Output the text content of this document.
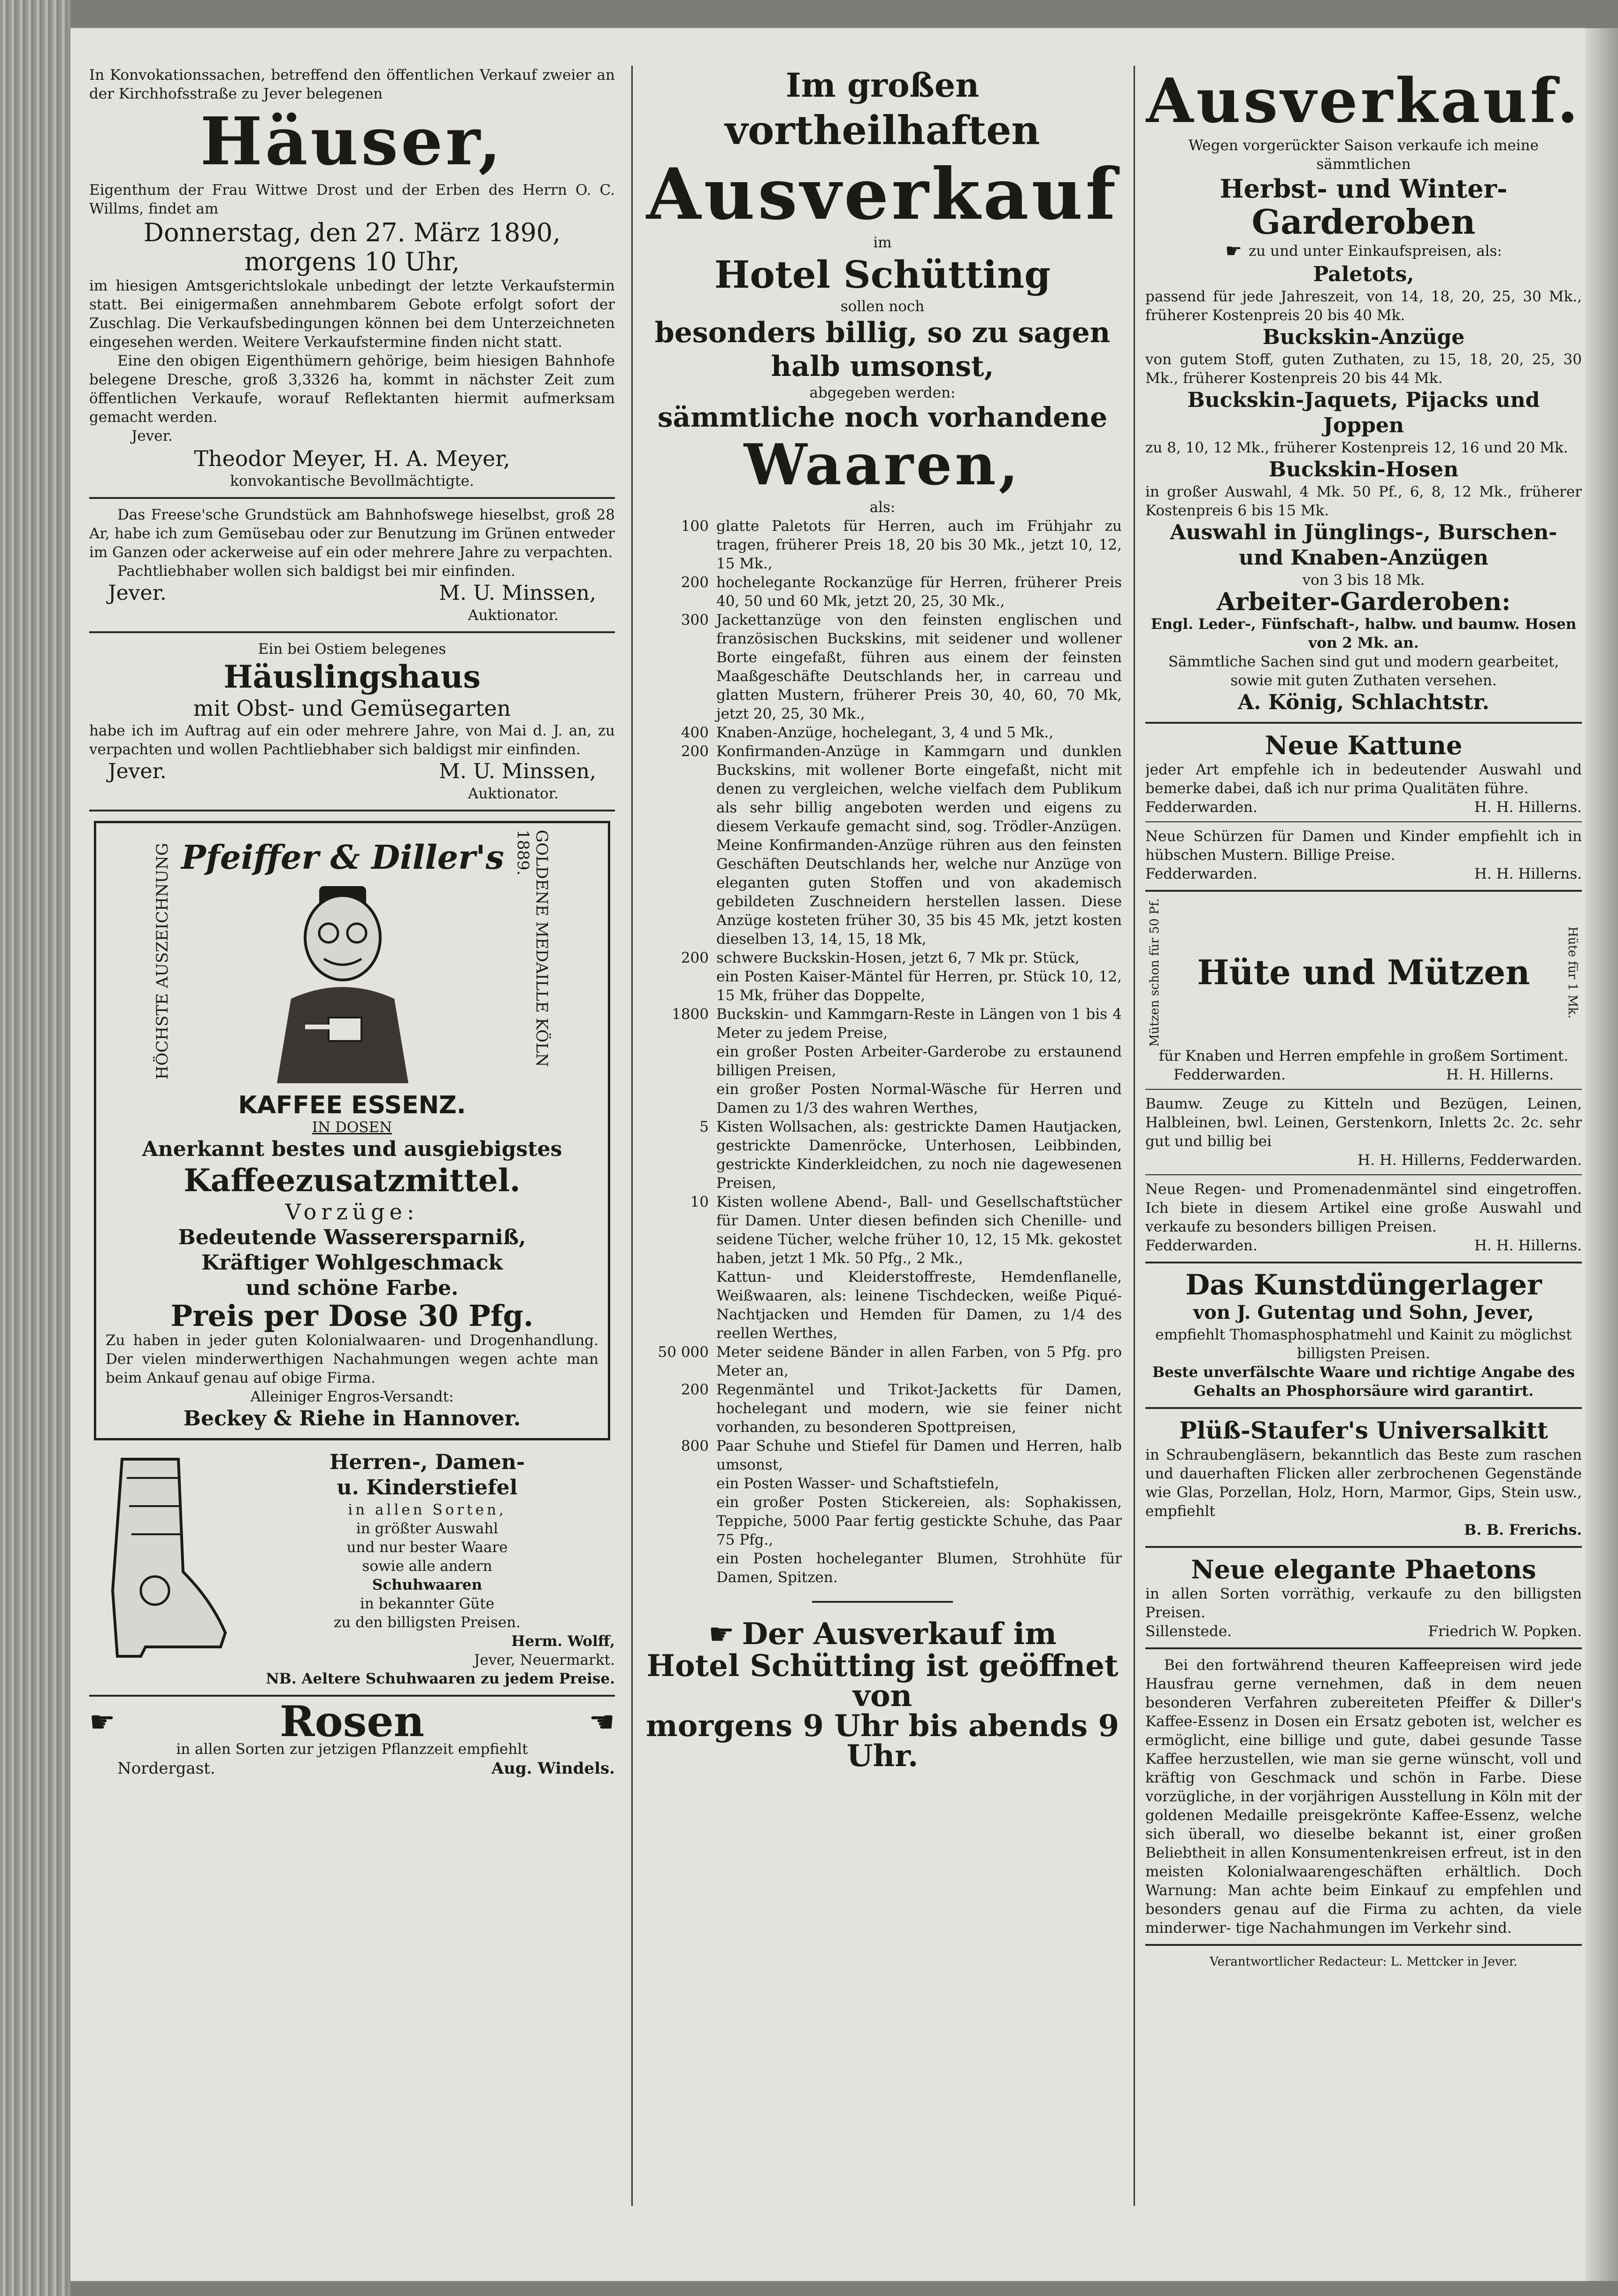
In Konvokationssachen, betreffend den öffentlichen Verkauf zweier an der Kirchhofsstraße zu Jever belegenen

Häuser,

Eigenthum der Frau Wittwe Drost und der Erben des Herrn O. C. Willms, findet am

Donnerstag, den 27. März 1890,

morgens 10 Uhr,

im hiesigen Amtsgerichtslokale unbedingt der letzte Verkaufstermin statt. Bei einigermaßen annehmbarem Gebote erfolgt sofort der Zuschlag. Die Verkaufsbedingungen können bei dem Unterzeichneten eingesehen werden. Weitere Verkaufstermine finden nicht statt.

Eine den obigen Eigenthümern gehörige, beim hiesigen Bahnhofe belegene Dresche, groß 3,3326 ha, kommt in nächster Zeit zum öffentlichen Verkaufe, worauf Reflektanten hiermit aufmerksam gemacht werden.

Jever.

Theodor Meyer, H. A. Meyer,

konvokantische Bevollmächtigte.

Das Freese'sche Grundstück am Bahnhofswege hieselbst, groß 28 Ar, habe ich zum Gemüsebau oder zur Benutzung im Grünen entweder im Ganzen oder ackerweise auf ein oder mehrere Jahre zu verpachten.

Pachtliebhaber wollen sich baldigst bei mir einfinden.

Jever.	M. U. Minssen,

Auktionator.

Ein bei Ostiem belegenes

Häuslingshaus

mit Obst- und Gemüsegarten

habe ich im Auftrag auf ein oder mehrere Jahre, von Mai d. J. an, zu verpachten und wollen Pachtliebhaber sich baldigst mir einfinden.

Jever.	M. U. Minssen,

Auktionator.

HÖCHSTE AUSZEICHNUNG Pfeiffer & Diller's	GOLDENE MEDAILLE KÖLN 1889.

KAFFEE ESSENZ.

IN DOSEN

Anerkannt bestes und ausgiebigstes

Kaffeezusatzmittel.

Vorzüge:

Bedeutende Wasserersparniß,

Kräftiger Wohlgeschmack

und schöne Farbe.

Preis per Dose 30 Pfg.

Zu haben in jeder guten Kolonialwaaren- und Drogenhandlung. Der vielen minderwerthigen Nachahmungen wegen achte man beim Ankauf genau auf obige Firma.

Alleiniger Engros-Versandt:

Beckey & Riehe in Hannover.

Herren-, Damen-

u. Kinderstiefel

in allen Sorten,

in größter Auswahl

und nur bester Waare

sowie alle andern

Schuhwaaren

in bekannter Güte

zu den billigsten Preisen.

Herm. Wolff,

Jever, Neuermarkt.

NB. Aeltere Schuhwaaren zu jedem Preise.

☛	Rosen	☚

in allen Sorten zur jetzigen Pflanzzeit empfiehlt

Nordergast.	Aug. Windels.

Im großen

vortheilhaften

Ausverkauf

im

Hotel Schütting

sollen noch

besonders billig, so zu sagen halb umsonst,

abgegeben werden:

sämmtliche noch vorhandene

Waaren,

als:

100 glatte Paletots für Herren, auch im Frühjahr zu tragen, früherer Preis 18, 20 bis 30 Mk., jetzt 10, 12, 15 Mk.,
200 hochelegante Rockanzüge für Herren, früherer Preis 40, 50 und 60 Mk, jetzt 20, 25, 30 Mk.,
300 Jackettanzüge von den feinsten englischen und französischen Buckskins, mit seidener und wollener Borte eingefaßt, führen aus einem der feinsten Maaßgeschäfte Deutschlands her, in carreau und glatten Mustern, früherer Preis 30, 40, 60, 70 Mk, jetzt 20, 25, 30 Mk.,
400 Knaben-Anzüge, hochelegant, 3, 4 und 5 Mk.,
200 Konfirmanden-Anzüge in Kammgarn und dunklen Buckskins, mit wollener Borte eingefaßt, nicht mit denen zu vergleichen, welche vielfach dem Publikum als sehr billig angeboten werden und eigens zu diesem Verkaufe gemacht sind, sog. Trödler-Anzügen. Meine Konfirmanden-Anzüge rühren aus den feinsten Geschäften Deutschlands her, welche nur Anzüge von eleganten guten Stoffen und von akademisch gebildeten Zuschneidern herstellen lassen. Diese Anzüge kosteten früher 30, 35 bis 45 Mk, jetzt kosten dieselben 13, 14, 15, 18 Mk,
200 schwere Buckskin-Hosen, jetzt 6, 7 Mk pr. Stück,
ein Posten Kaiser-Mäntel für Herren, pr. Stück 10, 12, 15 Mk, früher das Doppelte,
1800 Buckskin- und Kammgarn-Reste in Längen von 1 bis 4 Meter zu jedem Preise,
ein großer Posten Arbeiter-Garderobe zu erstaunend billigen Preisen,
ein großer Posten Normal-Wäsche für Herren und Damen zu 1/3 des wahren Werthes,
5 Kisten Wollsachen, als: gestrickte Damen Hautjacken, gestrickte Damenröcke, Unterhosen, Leibbinden, gestrickte Kinderkleidchen, zu noch nie dagewesenen Preisen,
10 Kisten wollene Abend-, Ball- und Gesellschaftstücher für Damen. Unter diesen befinden sich Chenille- und seidene Tücher, welche früher 10, 12, 15 Mk. gekostet haben, jetzt 1 Mk. 50 Pfg., 2 Mk.,
Kattun- und Kleiderstoffreste, Hemdenflanelle, Weißwaaren, als: leinene Tischdecken, weiße Piqué-Nachtjacken und Hemden für Damen, zu 1/4 des reellen Werthes,
50 000 Meter seidene Bänder in allen Farben, von 5 Pfg. pro Meter an,
200 Regenmäntel und Trikot-Jacketts für Damen, hochelegant und modern, wie sie feiner nicht vorhanden, zu besonderen Spottpreisen,
800 Paar Schuhe und Stiefel für Damen und Herren, halb umsonst,
ein Posten Wasser- und Schaftstiefeln,
ein großer Posten Stickereien, als: Sophakissen, Teppiche, 5000 Paar fertig gestickte Schuhe, das Paar 75 Pfg.,
ein Posten hocheleganter Blumen, Strohhüte für Damen, Spitzen.
☛ Der Ausverkauf im

Hotel Schütting ist geöffnet von

morgens 9 Uhr bis abends 9 Uhr.

Ausverkauf.

Wegen vorgerückter Saison verkaufe ich meine sämmtlichen

Herbst- und Winter-

Garderoben

☛ zu und unter Einkaufspreisen, als:

Paletots,

passend für jede Jahreszeit, von 14, 18, 20, 25, 30 Mk., früherer Kostenpreis 20 bis 40 Mk.

Buckskin-Anzüge

von gutem Stoff, guten Zuthaten, zu 15, 18, 20, 25, 30 Mk., früherer Kostenpreis 20 bis 44 Mk.

Buckskin-Jaquets, Pijacks und Joppen

zu 8, 10, 12 Mk., früherer Kostenpreis 12, 16 und 20 Mk.

Buckskin-Hosen

in großer Auswahl, 4 Mk. 50 Pf., 6, 8, 12 Mk., früherer Kostenpreis 6 bis 15 Mk.

Auswahl in Jünglings-, Burschen- und Knaben-Anzügen

von 3 bis 18 Mk.

Arbeiter-Garderoben:

Engl. Leder-, Fünfschaft-, halbw. und baumw. Hosen von 2 Mk. an.

Sämmtliche Sachen sind gut und modern gearbeitet, sowie mit guten Zuthaten versehen.

A. König, Schlachtstr.

Neue Kattune

jeder Art empfehle ich in bedeutender Auswahl und bemerke dabei, daß ich nur prima Qualitäten führe.

Fedderwarden.	H. H. Hillerns.

Neue Schürzen für Damen und Kinder empfiehlt ich in hübschen Mustern. Billige Preise.

Fedderwarden.	H. H. Hillerns.
Mützen schon für 50 Pf. Hüte und Mützen	Hüte für 1 Mk.

für Knaben und Herren empfehle in großem Sortiment.

Fedderwarden.	H. H. Hillerns.

Baumw. Zeuge zu Kitteln und Bezügen, Leinen, Halbleinen, bwl. Leinen, Gerstenkorn, Inletts 2c. 2c. sehr gut und billig bei

H. H. Hillerns, Fedderwarden.

Neue Regen- und Promenadenmäntel sind eingetroffen. Ich biete in diesem Artikel eine große Auswahl und verkaufe zu besonders billigen Preisen.

Fedderwarden.	H. H. Hillerns.

Das Kunstdüngerlager

von J. Gutentag und Sohn, Jever,

empfiehlt Thomasphosphatmehl und Kainit zu möglichst billigsten Preisen.

Beste unverfälschte Waare und richtige Angabe des Gehalts an Phosphorsäure wird garantirt.

Plüß-Staufer's Universalkitt

in Schraubengläsern, bekanntlich das Beste zum raschen und dauerhaften Flicken aller zerbrochenen Gegenstände wie Glas, Porzellan, Holz, Horn, Marmor, Gips, Stein usw., empfiehlt

B. B. Frerichs.

Neue elegante Phaetons

in allen Sorten vorräthig, verkaufe zu den billigsten Preisen.

Sillenstede.	Friedrich W. Popken.

Bei den fortwährend theuren Kaffeepreisen wird jede Hausfrau gerne vernehmen, daß in dem neuen besonderen Verfahren zubereiteten Pfeiffer & Diller's Kaffee-Essenz in Dosen ein Ersatz geboten ist, welcher es ermöglicht, eine billige und gute, dabei gesunde Tasse Kaffee herzustellen, wie man sie gerne wünscht, voll und kräftig von Geschmack und schön in Farbe. Diese vorzügliche, in der vorjährigen Ausstellung in Köln mit der goldenen Medaille preisgekrönte Kaffee-Essenz, welche sich überall, wo dieselbe bekannt ist, einer großen Beliebtheit in allen Konsumentenkreisen erfreut, ist in den meisten Kolonialwaarengeschäften erhältlich. Doch Warnung: Man achte beim Einkauf zu empfehlen und besonders genau auf die Firma zu achten, da viele minderwer- tige Nachahmungen im Verkehr sind.

Verantwortlicher Redacteur: L. Mettcker in Jever.
